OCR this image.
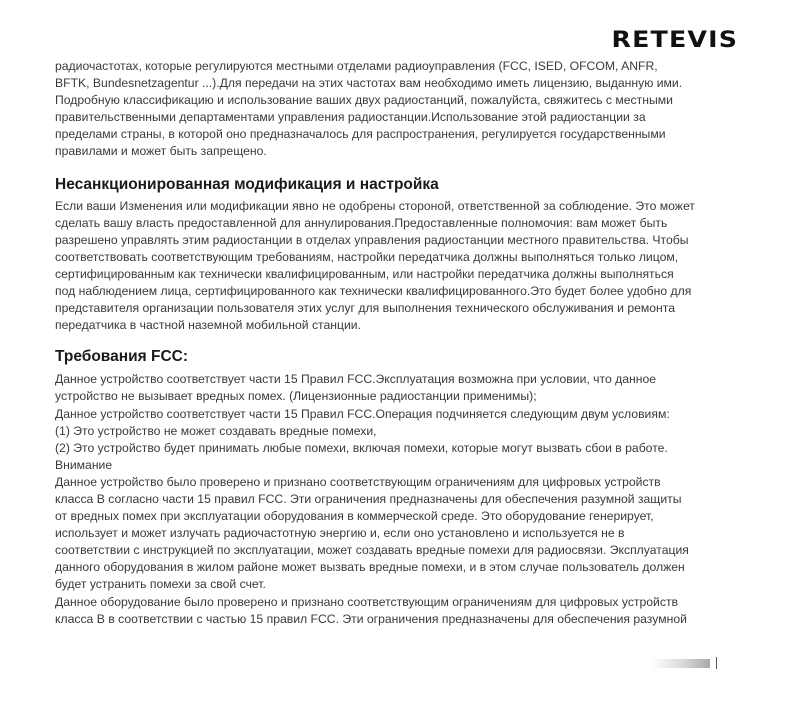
RETEVIS

радиочастотах, которые регулируются местными отделами радиоуправления (FCC, ISED, OFCOM, ANFR,

BFTK, Bundesnetzagentur ...).Для передачи на этих частотах вам необходимо иметь лицензию, выданную ими.

Подробную классификацию и использование ваших двух радиостанций, пожалуйста, свяжитесь с местными

правительственными департаментами управления радиостанции.Использование этой радиостанции за

пределами страны, в которой оно предназначалось для распространения, регулируется государственными

правилами и может быть запрещено.

Несанкционированная модификация и настройка

Если ваши Изменения или модификации явно не одобрены стороной, ответственной за соблюдение. Это может

сделать вашу власть предоставленной для аннулирования.Предоставленные полномочия: вам может быть

разрешено управлять этим радиостанции в отделах управления радиостанции местного правительства. Чтобы

соответствовать соответствующим требованиям, настройки передатчика должны выполняться только лицом,

сертифицированным как технически квалифицированным, или настройки передатчика должны выполняться

под наблюдением лица, сертифицированного как технически квалифицированного.Это будет более удобно для

представителя организации пользователя этих услуг для выполнения технического обслуживания и ремонта

передатчика в частной наземной мобильной станции.

Требования FCC:

Данное устройство соответствует части 15 Правил FCC.Эксплуатация возможна при условии, что данное

устройство не вызывает вредных помех. (Лицензионные радиостанции применимы);

Данное устройство соответствует части 15 Правил FCC.Операция подчиняется следующим двум условиям:

(1) Это устройство не может создавать вредные помехи,

(2) Это устройство будет принимать любые помехи, включая помехи, которые могут вызвать сбои в работе.

Внимание

Данное устройство было проверено и признано соответствующим ограничениям для цифровых устройств

класса B согласно части 15 правил FCC. Эти ограничения предназначены для обеспечения разумной защиты

от вредных помех при эксплуатации оборудования в коммерческой среде. Это оборудование генерирует,

использует и может излучать радиочастотную энергию и, если оно установлено и используется не в

соответствии с инструкцией по эксплуатации, может создавать вредные помехи для радиосвязи. Эксплуатация

данного оборудования в жилом районе может вызвать вредные помехи, и в этом случае пользователь должен

будет устранить помехи за свой счет.

Данное оборудование было проверено и признано соответствующим ограничениям для цифровых устройств

класса B в соответствии с частью 15 правил FCC. Эти ограничения предназначены для обеспечения разумной
